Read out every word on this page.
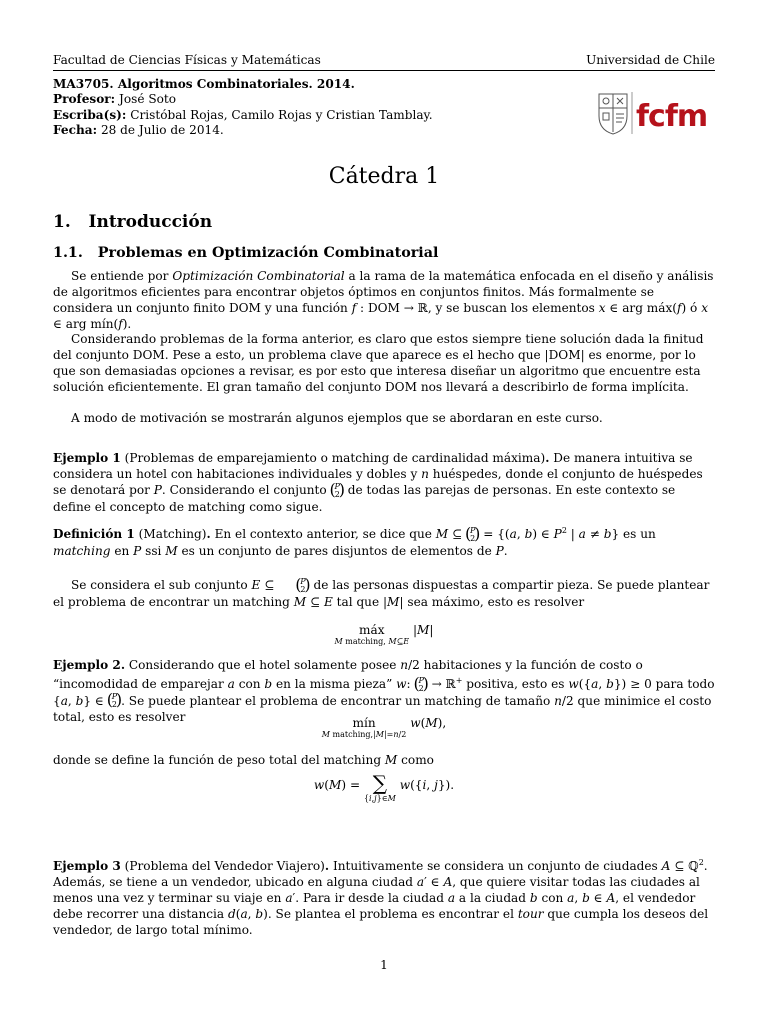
Facultad de Ciencias Físicas y Matemáticas	Universidad de Chile
MA3705. Algoritmos Combinatoriales. 2014.
Profesor: José Soto
Escriba(s): Cristóbal Rojas, Camilo Rojas y Cristian Tamblay.
Fecha: 28 de Julio de 2014.	fcfm
Cátedra 1
1. Introducción
1.1. Problemas en Optimización Combinatorial
Se entiende por Optimización Combinatorial a la rama de la matemática enfocada en el diseño y análisis de algoritmos eficientes para encontrar objetos óptimos en conjuntos finitos. Más formalmente se considera un conjunto finito DOM y una función f : DOM → ℝ, y se buscan los elementos x ∈ arg máx(f) ó x ∈ arg mín(f).
Considerando problemas de la forma anterior, es claro que estos siempre tiene solución dada la finitud del conjunto DOM. Pese a esto, un problema clave que aparece es el hecho que |DOM| es enorme, por lo que son demasiadas opciones a revisar, es por esto que interesa diseñar un algoritmo que encuentre esta solución eficientemente. El gran tamaño del conjunto DOM nos llevará a describirlo de forma implícita.
A modo de motivación se mostrarán algunos ejemplos que se abordaran en este curso.
Ejemplo 1 (Problemas de emparejamiento o matching de cardinalidad máxima). De manera intuitiva se considera un hotel con habitaciones individuales y dobles y n huéspedes, donde el conjunto de huéspedes se denotará por P. Considerando el conjunto ( P
2
) de todas las parejas de personas. En este contexto se define el concepto de matching como sigue.
Definición 1 (Matching). En el contexto anterior, se dice que M ⊆ ( P
2
) = {(a, b) ∈ $P^2$ | a ≠ b} es un matching en P ssi M es un conjunto de pares disjuntos de elementos de P.
Se considera el sub conjunto E ⊆	( P
2
) de las personas dispuestas a compartir pieza. Se puede plantear el problema de encontrar un matching M ⊆ E tal que |M| sea máximo, esto es resolver
máx
M matching, M⊆E
|M|
Ejemplo 2. Considerando que el hotel solamente posee n/2 habitaciones y la función de costo o “incomodidad de emparejar a con b en la misma pieza” w: ( P
2
) → ℝ+ positiva, esto es w({a, b}) ≥ 0 para todo {a, b} ∈ ( P
2
) . Se puede plantear el problema de encontrar un matching de tamaño n/2 que minimice el costo total, esto es resolver	mín
M matching,|M|=n/2
w(M),
donde se define la función de peso total del matching M como
w(M) = ∑
{i,j}∈M
w({i, j}).
Ejemplo 3 (Problema del Vendedor Viajero). Intuitivamente se considera un conjunto de ciudades A ⊆ ℚ$^2$. Además, se tiene a un vendedor, ubicado en alguna ciudad a′ ∈ A, que quiere visitar todas las ciudades al menos una vez y terminar su viaje en a′. Para ir desde la ciudad a a la ciudad b con a, b ∈ A, el vendedor debe recorrer una distancia d(a, b). Se plantea el problema es encontrar el tour que cumpla los deseos del vendedor, de largo total mínimo.
1
